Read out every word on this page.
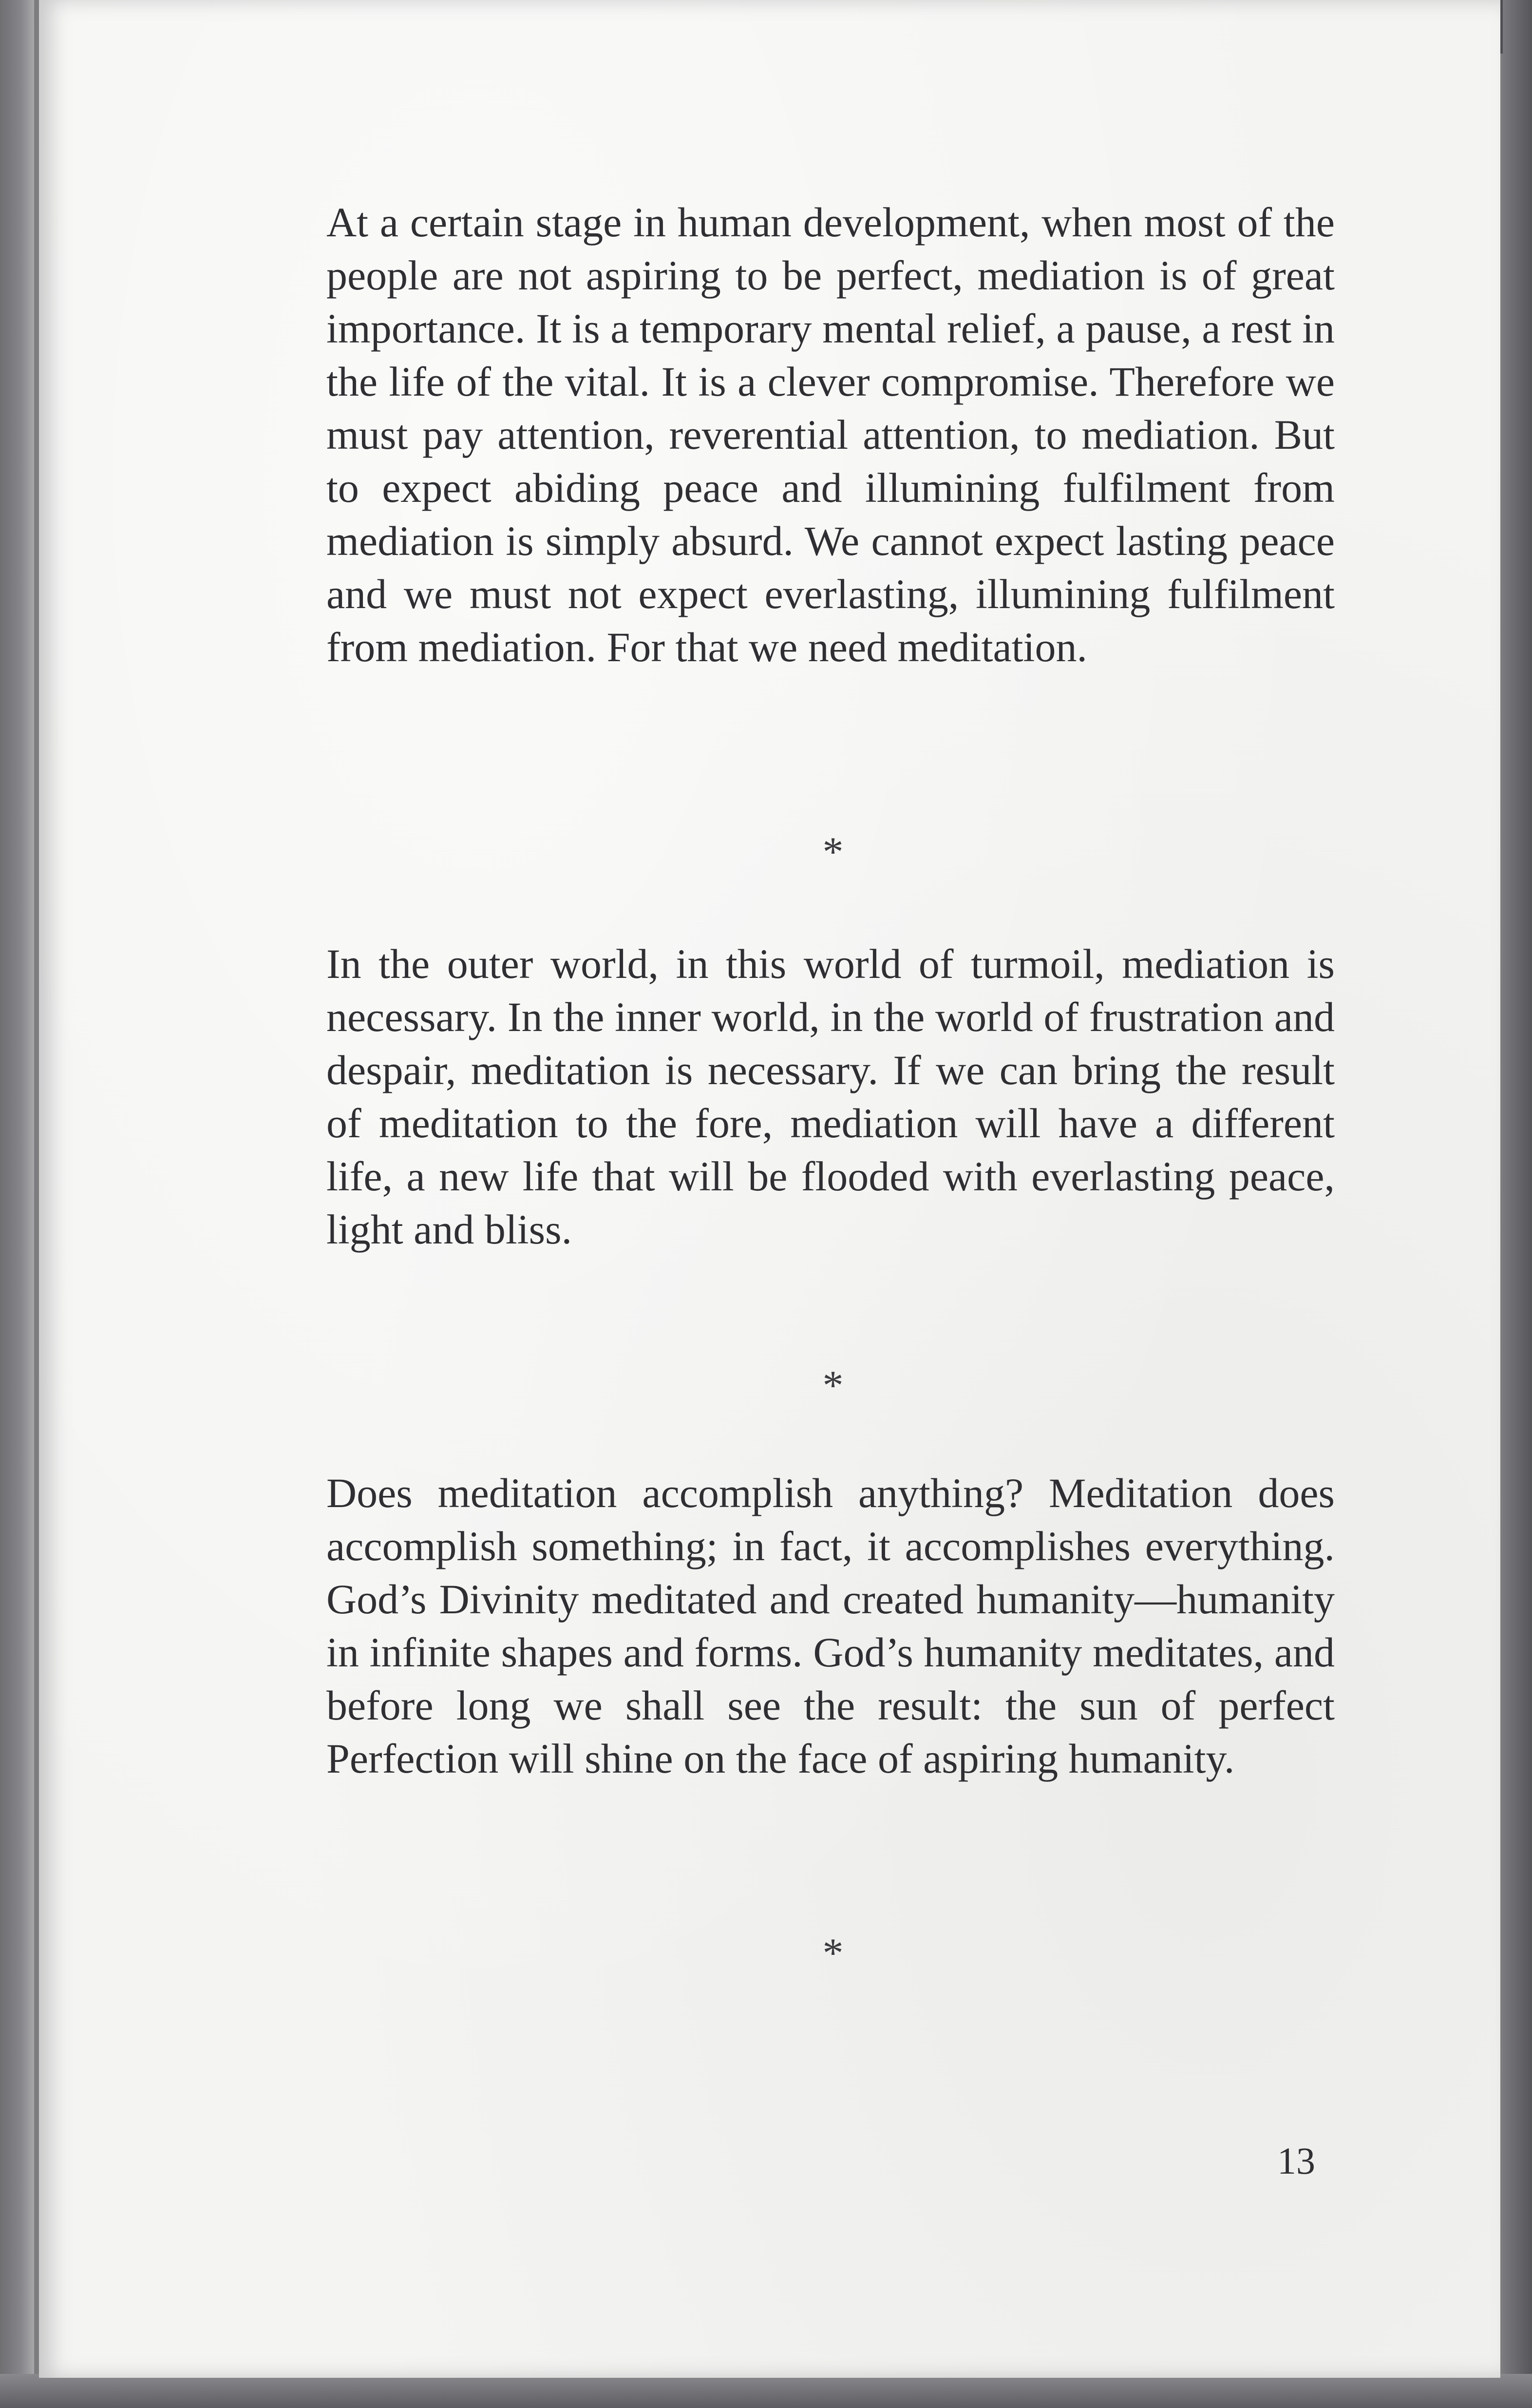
At a certain stage in human development, when most of the people are not aspiring to be perfect, mediation is of great importance. It is a temporary mental relief, a pause, a rest in the life of the vital. It is a clever compromise. Therefore we must pay attention, reverential attention, to mediation. But to expect abiding peace and illumining fulfilment from mediation is simply absurd. We cannot expect lasting peace and we must not expect everlasting, illumining fulfilment from mediation. For that we need meditation.

*

In the outer world, in this world of turmoil, mediation is necessary. In the inner world, in the world of frustration and despair, meditation is necessary. If we can bring the result of meditation to the fore, mediation will have a different life, a new life that will be flooded with everlasting peace, light and bliss.

*

Does meditation accomplish anything? Meditation does accomplish something; in fact, it accomplishes everything. God’s Divinity meditated and created humanity—humanity in infinite shapes and forms. God’s humanity meditates, and before long we shall see the result: the sun of perfect Perfection will shine on the face of aspiring humanity.

*

13
